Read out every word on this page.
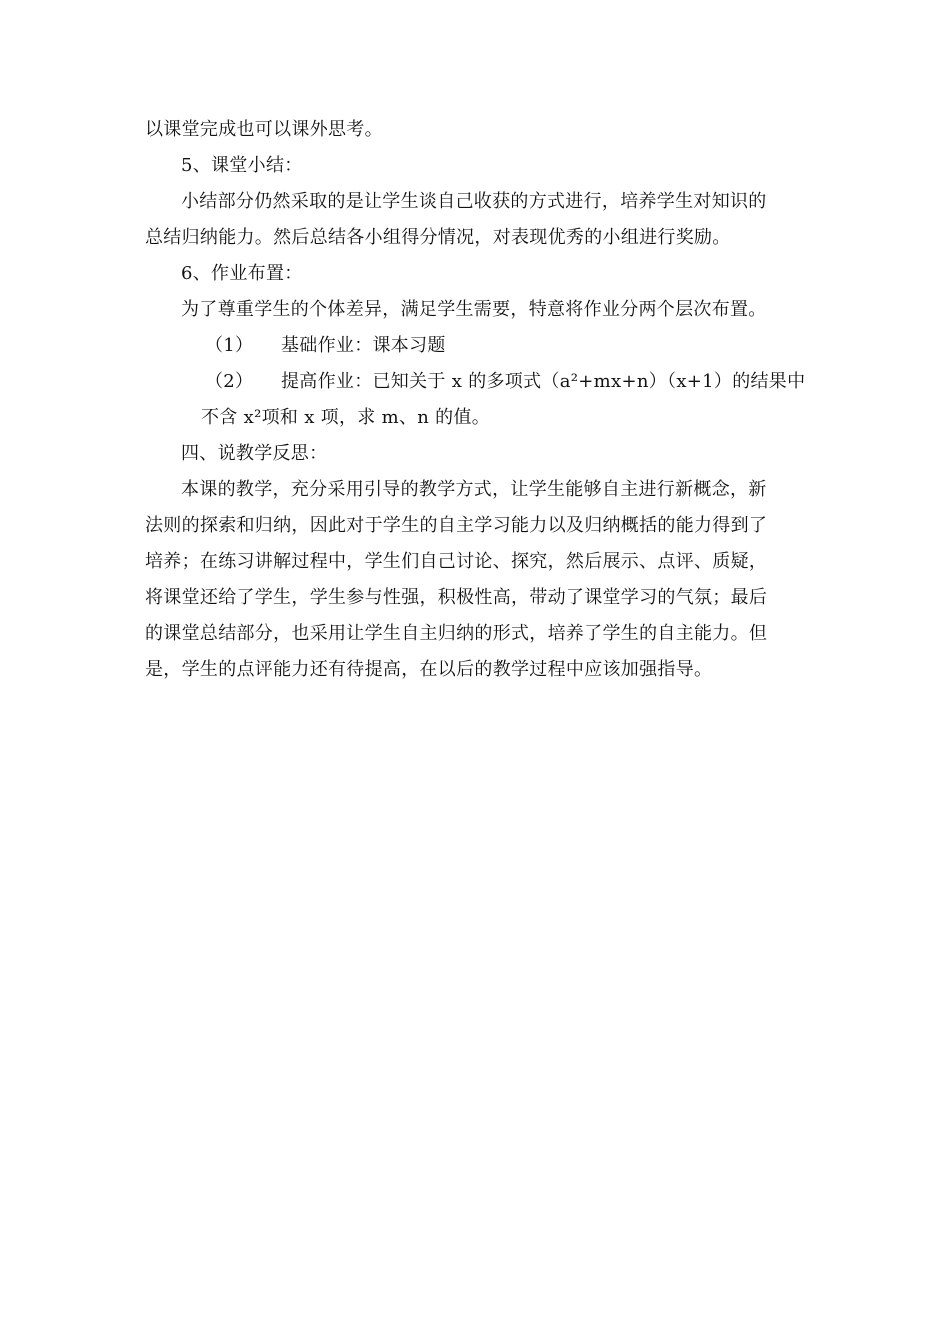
以课堂完成也可以课外思考。

5、课堂小结：

小结部分仍然采取的是让学生谈自己收获的方式进行，培养学生对知识的

总结归纳能力。然后总结各小组得分情况，对表现优秀的小组进行奖励。

6、作业布置：

为了尊重学生的个体差异，满足学生需要，特意将作业分两个层次布置。

（1） 基础作业：课本习题

（2） 提高作业：已知关于 x 的多项式（a²+mx+n）（x+1）的结果中

不含 x²项和 x 项，求 m、n 的值。

四、说教学反思：

本课的教学，充分采用引导的教学方式，让学生能够自主进行新概念，新

法则的探索和归纳，因此对于学生的自主学习能力以及归纳概括的能力得到了

培养；在练习讲解过程中，学生们自己讨论、探究，然后展示、点评、质疑，

将课堂还给了学生，学生参与性强，积极性高，带动了课堂学习的气氛；最后

的课堂总结部分，也采用让学生自主归纳的形式，培养了学生的自主能力。但

是，学生的点评能力还有待提高，在以后的教学过程中应该加强指导。
